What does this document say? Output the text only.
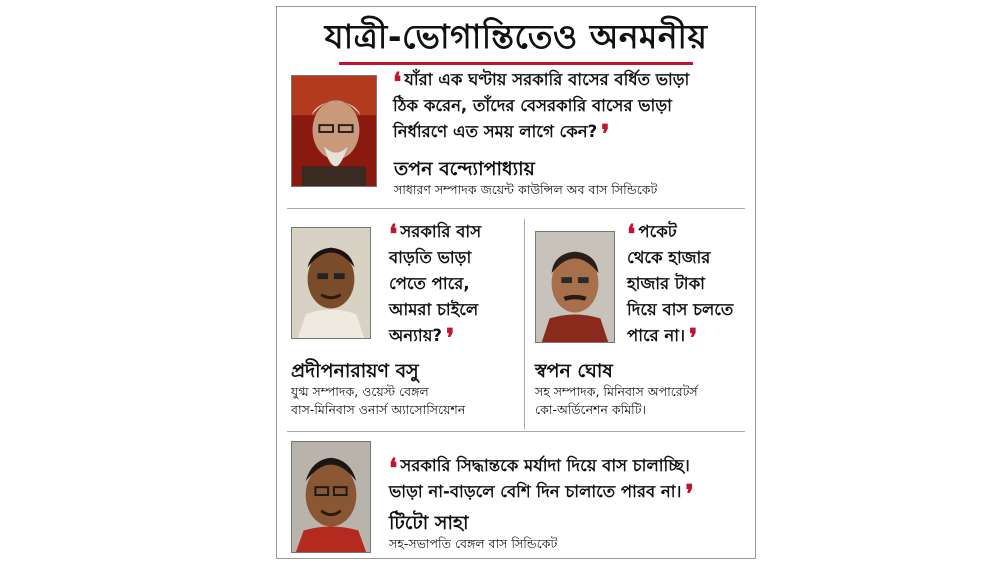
যাত্রী-ভোগান্তিতেও অনমনীয়
❛ যাঁরা এক ঘণ্টায় সরকারি বাসের বর্ধিত ভাড়া
ঠিক করেন, তাঁদের বেসরকারি বাসের ভাড়া
নির্ধারণে এত সময় লাগে কেন? ❜
তপন বন্দ্যোপাধ্যায়
সাধারণ সম্পাদক জয়েন্ট কাউন্সিল অব বাস সিন্ডিকেট
❛ সরকারি বাস
বাড়তি ভাড়া
পেতে পারে,
আমরা চাইলে
অন্যায়? ❜
প্রদীপনারায়ণ বসু
যুগ্ম সম্পাদক, ওয়েস্ট বেঙ্গল
বাস-মিনিবাস ওনার্স অ্যাসোসিয়েশন
❛ পকেট
থেকে হাজার
হাজার টাকা
দিয়ে বাস চলতে
পারে না। ❜
স্বপন ঘোষ
সহ সম্পাদক, মিনিবাস অপারেটর্স
কো-অর্ডিনেশন কমিটি।
❛ সরকারি সিদ্ধান্তকে মর্যাদা দিয়ে বাস চালাচ্ছি।
ভাড়া না-বাড়লে বেশি দিন চালাতে পারব না। ❜
টিটো সাহা
সহ-সভাপতি বেঙ্গল বাস সিন্ডিকেট
